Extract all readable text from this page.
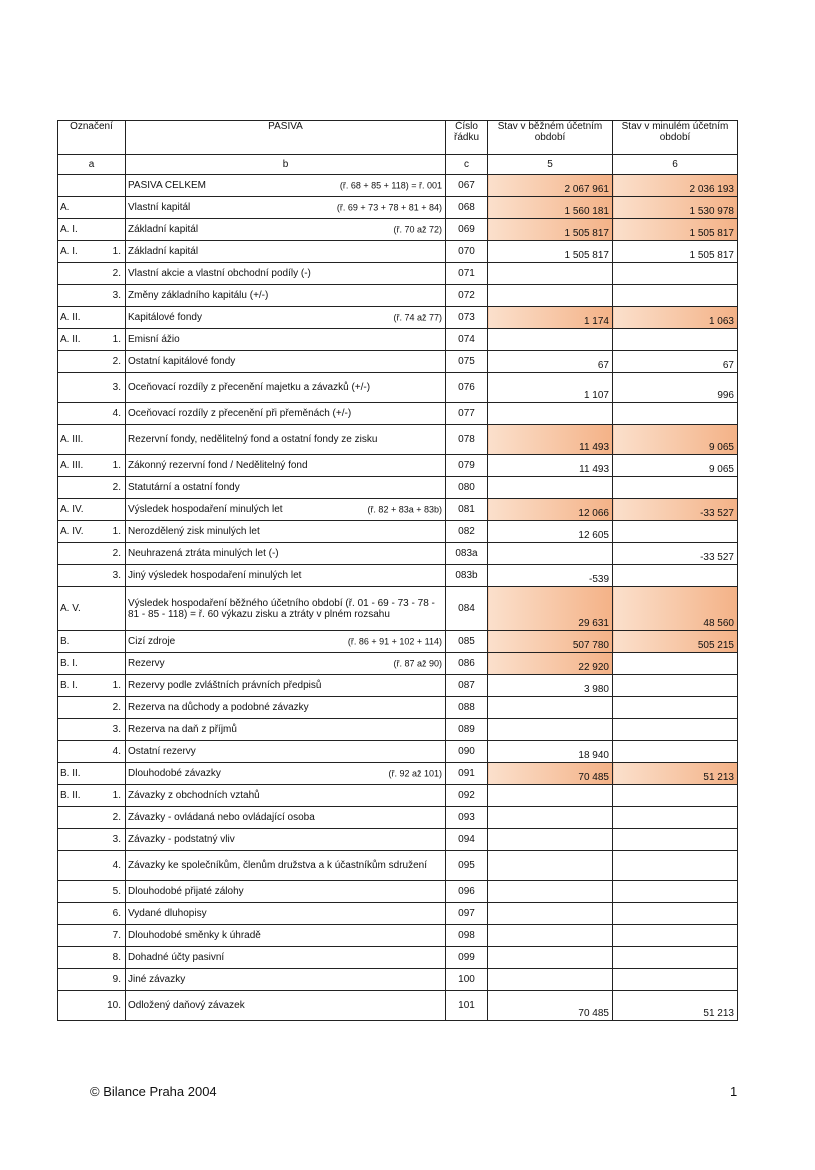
Označení		PASIVA	Číslo řádku	Stav v běžném účetním období	Stav v minulém účetním období
a		b	c	5	6

		PASIVA CELKEM (ř. 68 + 85 + 118) = ř. 001	067	2 067 961	2 036 193
A.		Vlastní kapitál (ř. 69 + 73 + 78 + 81 + 84)	068	1 560 181	1 530 978
A. I.		Základní kapitál (ř. 70 až 72)	069	1 505 817	1 505 817
A. I.	1.	Základní kapitál	070	1 505 817	1 505 817
	2.	Vlastní akcie a vlastní obchodní podíly (-)	071		
	3.	Změny základního kapitálu (+/-)	072		
A. II.		Kapitálové fondy (ř. 74 až 77)	073	1 174	1 063
A. II.	1.	Emisní ážio	074		
	2.	Ostatní kapitálové fondy	075	67	67
	3.	Oceňovací rozdíly z přecenění majetku a závazků (+/-)	076	1 107	996
	4.	Oceňovací rozdíly z přecenění při přeměnách (+/-)	077		
A. III.		Rezervní fondy, nedělitelný fond a ostatní fondy ze zisku	078	11 493	9 065
A. III.	1.	Zákonný rezervní fond / Nedělitelný fond	079	11 493	9 065
	2.	Statutární a ostatní fondy	080		
A. IV.		Výsledek hospodaření minulých let (ř. 82 + 83a + 83b)	081	12 066	-33 527
A. IV.	1.	Nerozdělený zisk minulých let	082	12 605	
	2.	Neuhrazená ztráta minulých let (-)	083a		-33 527
	3.	Jiný výsledek hospodaření minulých let	083b	-539	
A. V.		Výsledek hospodaření běžného účetního období (ř. 01 - 69 - 73 - 78 - 81 - 85 - 118) = ř. 60 výkazu zisku a ztráty v plném rozsahu	084	29 631	48 560
B.		Cizí zdroje (ř. 86 + 91 + 102 + 114)	085	507 780	505 215
B. I.		Rezervy (ř. 87 až 90)	086	22 920	
B. I.	1.	Rezervy podle zvláštních právních předpisů	087	3 980	
	2.	Rezerva na důchody a podobné závazky	088		
	3.	Rezerva na daň z příjmů	089		
	4.	Ostatní rezervy	090	18 940	
B. II.		Dlouhodobé závazky (ř. 92 až 101)	091	70 485	51 213
B. II.	1.	Závazky z obchodních vztahů	092		
	2.	Závazky - ovládaná nebo ovládající osoba	093		
	3.	Závazky - podstatný vliv	094		
	4.	Závazky ke společníkům, členům družstva a k účastníkům sdružení	095		
	5.	Dlouhodobé přijaté zálohy	096		
	6.	Vydané dluhopisy	097		
	7.	Dlouhodobé směnky k úhradě	098		
	8.	Dohadné účty pasivní	099		
	9.	Jiné závazky	100		
	10.	Odložený daňový závazek	101	70 485	51 213
© Bilance Praha 2004	1
